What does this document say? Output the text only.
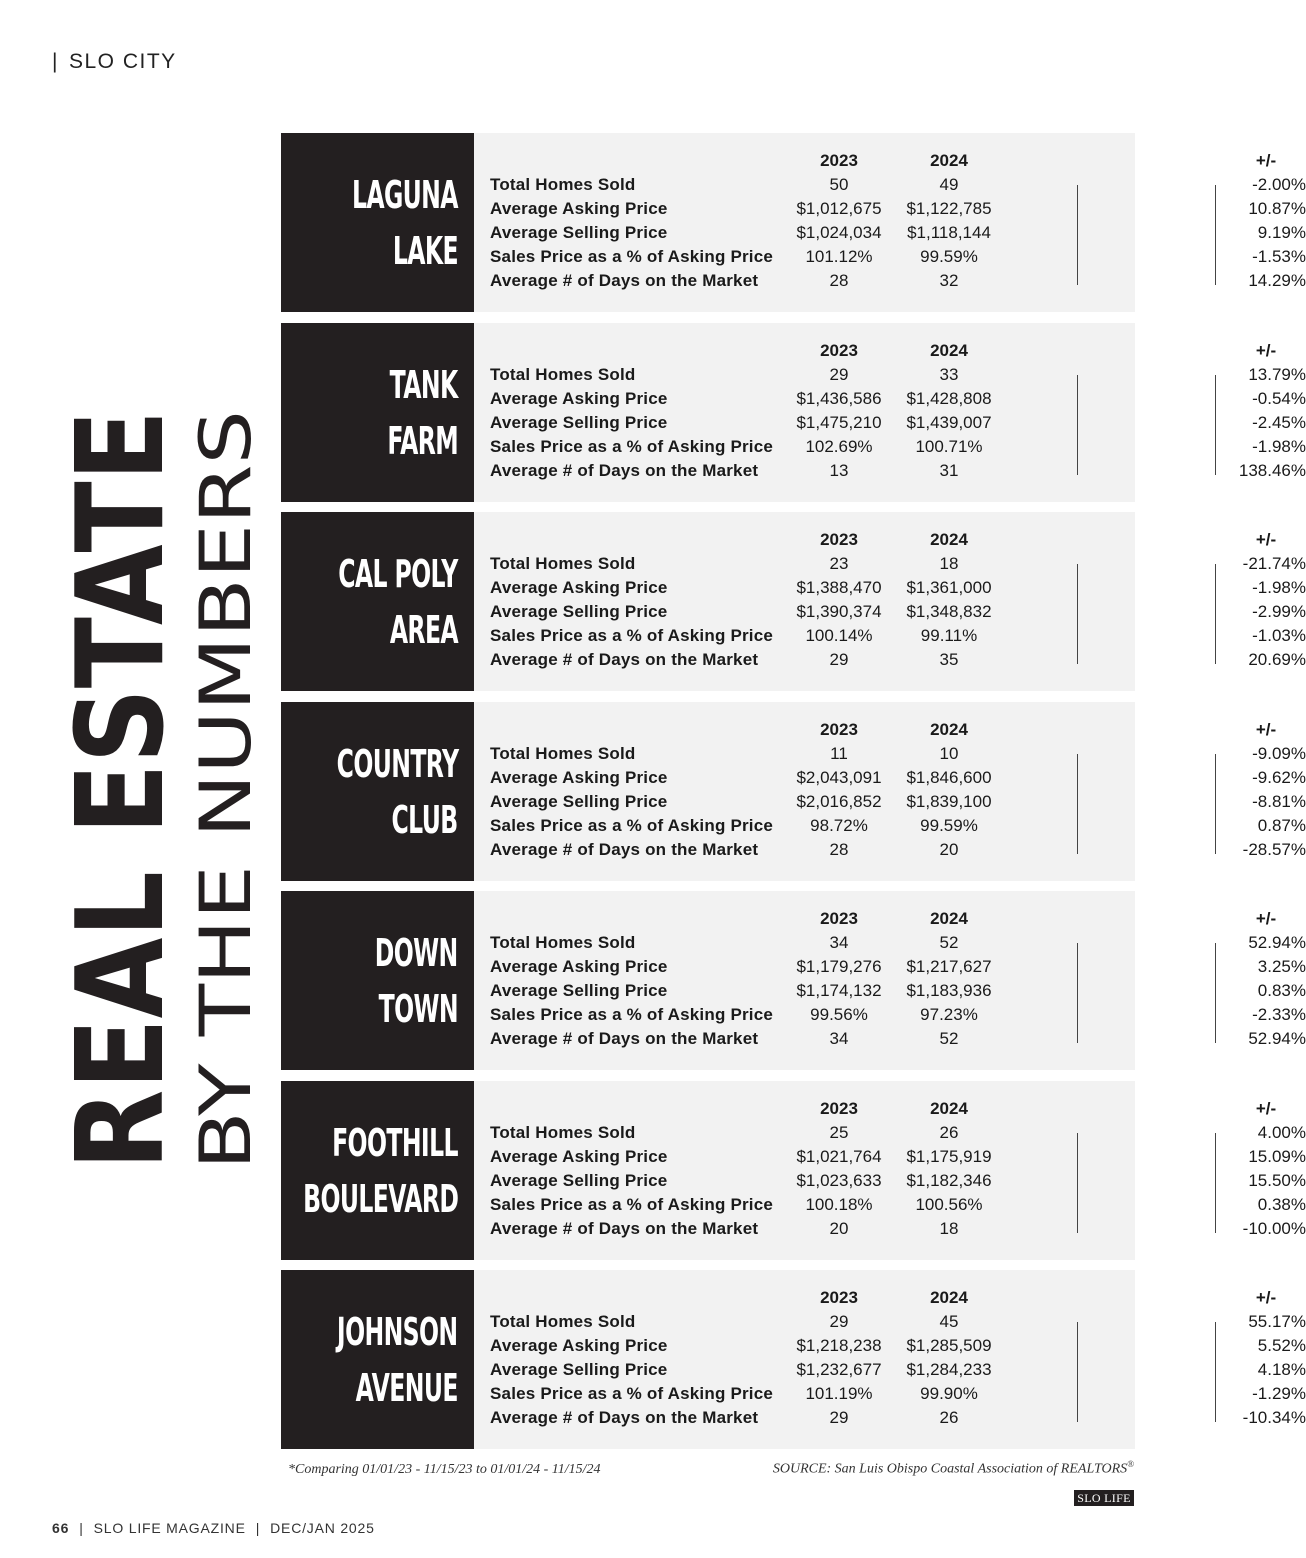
| SLO CITY
REAL ESTATE
BY THE NUMBERS
LAGUNA
LAKE
2023	2024	+/-
Total Homes Sold	50	49	-2.00%
Average Asking Price	$1,012,675	$1,122,785	10.87%
Average Selling Price	$1,024,034	$1,118,144	9.19%
Sales Price as a % of Asking Price	101.12%	99.59%	-1.53%
Average # of Days on the Market	28	32	14.29%
TANK
FARM
2023	2024	+/-
Total Homes Sold	29	33	13.79%
Average Asking Price	$1,436,586	$1,428,808	-0.54%
Average Selling Price	$1,475,210	$1,439,007	-2.45%
Sales Price as a % of Asking Price	102.69%	100.71%	-1.98%
Average # of Days on the Market	13	31	138.46%
CAL POLY
AREA
2023	2024	+/-
Total Homes Sold	23	18	-21.74%
Average Asking Price	$1,388,470	$1,361,000	-1.98%
Average Selling Price	$1,390,374	$1,348,832	-2.99%
Sales Price as a % of Asking Price	100.14%	99.11%	-1.03%
Average # of Days on the Market	29	35	20.69%
COUNTRY
CLUB
2023	2024	+/-
Total Homes Sold	11	10	-9.09%
Average Asking Price	$2,043,091	$1,846,600	-9.62%
Average Selling Price	$2,016,852	$1,839,100	-8.81%
Sales Price as a % of Asking Price	98.72%	99.59%	0.87%
Average # of Days on the Market	28	20	-28.57%
DOWN
TOWN
2023	2024	+/-
Total Homes Sold	34	52	52.94%
Average Asking Price	$1,179,276	$1,217,627	3.25%
Average Selling Price	$1,174,132	$1,183,936	0.83%
Sales Price as a % of Asking Price	99.56%	97.23%	-2.33%
Average # of Days on the Market	34	52	52.94%
FOOTHILL
BOULEVARD
2023	2024	+/-
Total Homes Sold	25	26	4.00%
Average Asking Price	$1,021,764	$1,175,919	15.09%
Average Selling Price	$1,023,633	$1,182,346	15.50%
Sales Price as a % of Asking Price	100.18%	100.56%	0.38%
Average # of Days on the Market	20	18	-10.00%
JOHNSON
AVENUE
2023	2024	+/-
Total Homes Sold	29	45	55.17%
Average Asking Price	$1,218,238	$1,285,509	5.52%
Average Selling Price	$1,232,677	$1,284,233	4.18%
Sales Price as a % of Asking Price	101.19%	99.90%	-1.29%
Average # of Days on the Market	29	26	-10.34%
*Comparing 01/01/23 - 11/15/23 to 01/01/24 - 11/15/24	SOURCE: San Luis Obispo Coastal Association of REALTORS®
SLO LIFE
66 | SLO LIFE MAGAZINE | DEC/JAN 2025
